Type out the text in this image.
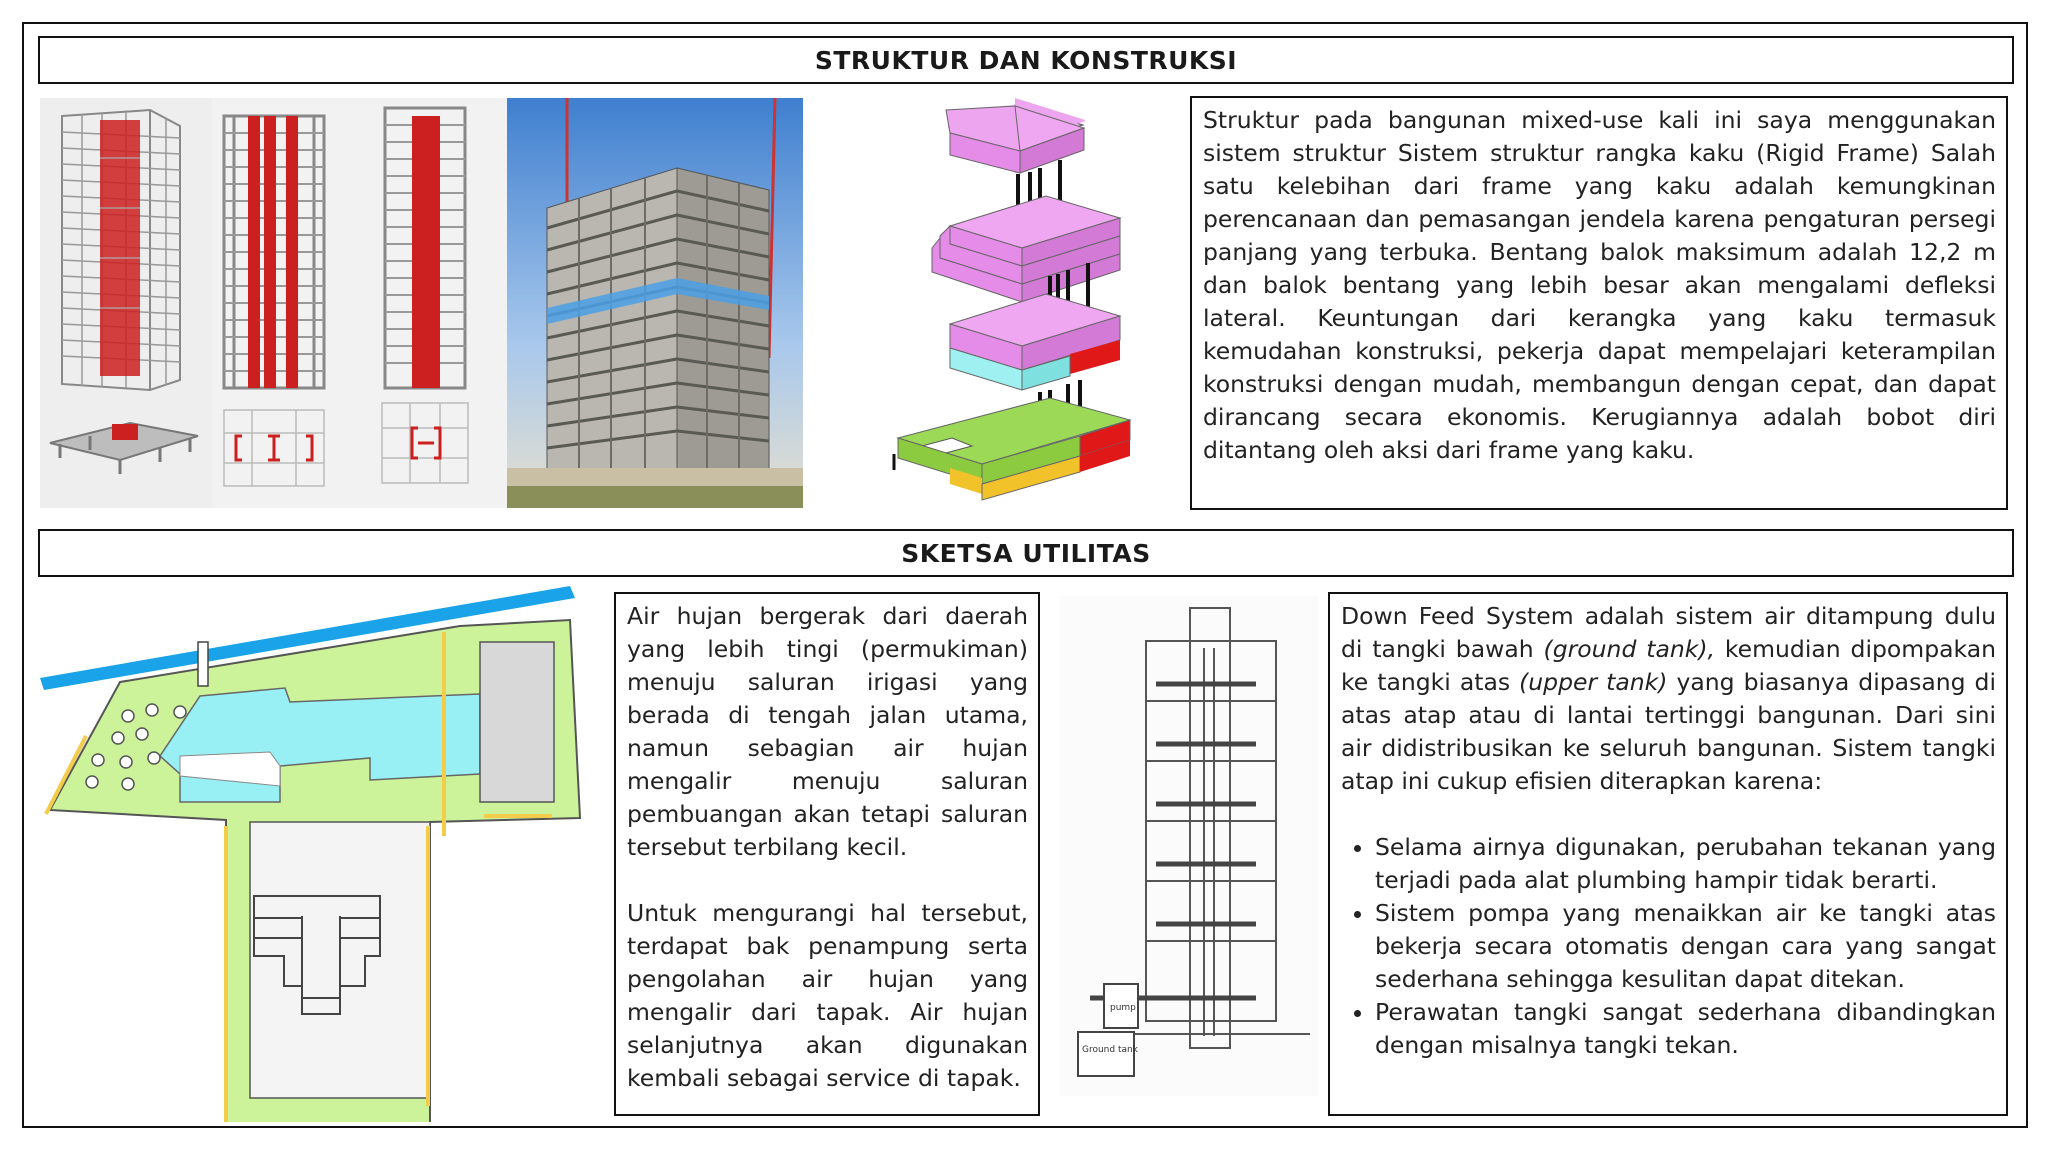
STRUKTUR DAN KONSTRUKSI

Struktur pada bangunan mixed-use kali ini saya menggunakan sistem struktur Sistem struktur rangka kaku (Rigid Frame) Salah satu kelebihan dari frame yang kaku adalah kemungkinan perencanaan dan pemasangan jendela karena pengaturan persegi panjang yang terbuka. Bentang balok maksimum adalah 12,2 m dan balok bentang yang lebih besar akan mengalami defleksi lateral. Keuntungan dari kerangka yang kaku termasuk kemudahan konstruksi, pekerja dapat mempelajari keterampilan konstruksi dengan mudah, membangun dengan cepat, dan dapat dirancang secara ekonomis. Kerugiannya adalah bobot diri ditantang oleh aksi dari frame yang kaku.

SKETSA UTILITAS

Air hujan bergerak dari daerah yang lebih tingi (permukiman) menuju saluran irigasi yang berada di tengah jalan utama, namun sebagian air hujan mengalir menuju saluran pembuangan akan tetapi saluran tersebut terbilang kecil.

Untuk mengurangi hal tersebut, terdapat bak penampung serta pengolahan air hujan yang mengalir dari tapak. Air hujan selanjutnya akan digunakan kembali sebagai service di tapak.

pump
Ground tank

Down Feed System adalah sistem air ditampung dulu di tangki bawah (ground tank), kemudian dipompakan ke tangki atas (upper tank) yang biasanya dipasang di atas atap atau di lantai tertinggi bangunan. Dari sini air didistribusikan ke seluruh bangunan. Sistem tangki atap ini cukup efisien diterapkan karena:

• Selama airnya digunakan, perubahan tekanan yang terjadi pada alat plumbing hampir tidak berarti.
• Sistem pompa yang menaikkan air ke tangki atas bekerja secara otomatis dengan cara yang sangat sederhana sehingga kesulitan dapat ditekan.
• Perawatan tangki sangat sederhana dibandingkan dengan misalnya tangki tekan.
